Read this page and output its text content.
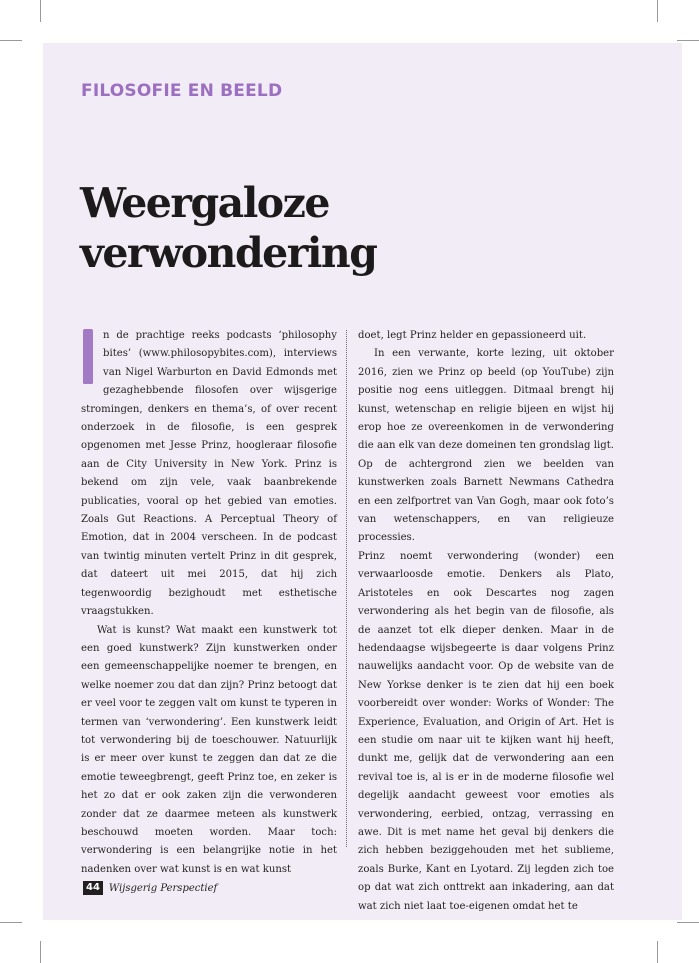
FILOSOFIE EN BEELD
Weergaloze
verwondering

n de prachtige reeks podcasts ‘philosophy bites’ (www.philosopybites.com), interviews van Nigel Warburton en David Edmonds met gezaghebbende filosofen over wijsgerige stromingen, denkers en thema’s, of over recent onderzoek in de filosofie, is een gesprek opgenomen met Jesse Prinz, hoogleraar filosofie aan de City University in New York. Prinz is bekend om zijn vele, vaak baanbrekende publicaties, vooral op het gebied van emoties. Zoals Gut Reactions. A Perceptual Theory of Emotion, dat in 2004 verscheen. In de podcast van twintig minuten vertelt Prinz in dit gesprek, dat dateert uit mei 2015, dat hij zich tegenwoordig bezighoudt met esthetische vraagstukken.

Wat is kunst? Wat maakt een kunstwerk tot een goed kunstwerk? Zijn kunstwerken onder een gemeenschappelijke noemer te brengen, en welke noemer zou dat dan zijn? Prinz betoogt dat er veel voor te zeggen valt om kunst te typeren in termen van ‘verwondering’. Een kunstwerk leidt tot verwondering bij de toeschouwer. Natuurlijk is er meer over kunst te zeggen dan dat ze die emotie teweegbrengt, geeft Prinz toe, en zeker is het zo dat er ook zaken zijn die verwonderen zonder dat ze daarmee meteen als kunstwerk beschouwd moeten worden. Maar toch: verwondering is een belangrijke notie in het nadenken over wat kunst is en wat kunst

doet, legt Prinz helder en gepassioneerd uit.

In een verwante, korte lezing, uit oktober 2016, zien we Prinz op beeld (op YouTube) zijn positie nog eens uitleggen. Ditmaal brengt hij kunst, wetenschap en religie bijeen en wijst hij erop hoe ze overeenkomen in de verwondering die aan elk van deze domeinen ten grondslag ligt. Op de achtergrond zien we beelden van kunstwerken zoals Barnett Newmans Cathedra en een zelfportret van Van Gogh, maar ook foto’s van wetenschappers, en van religieuze processies.

Prinz noemt verwondering (wonder) een verwaarloosde emotie. Denkers als Plato, Aristoteles en ook Descartes nog zagen verwondering als het begin van de filosofie, als de aanzet tot elk dieper denken. Maar in de hedendaagse wijsbegeerte is daar volgens Prinz nauwelijks aandacht voor. Op de website van de New Yorkse denker is te zien dat hij een boek voorbereidt over wonder: Works of Wonder: The Experience, Evaluation, and Origin of Art. Het is een studie om naar uit te kijken want hij heeft, dunkt me, gelijk dat de verwondering aan een revival toe is, al is er in de moderne filosofie wel degelijk aandacht geweest voor emoties als verwondering, eerbied, ontzag, verrassing en awe. Dit is met name het geval bij denkers die zich hebben beziggehouden met het sublieme, zoals Burke, Kant en Lyotard. Zij legden zich toe op dat wat zich onttrekt aan inkadering, aan dat wat zich niet laat toe-eigenen omdat het te

44 Wijsgerig Perspectief
